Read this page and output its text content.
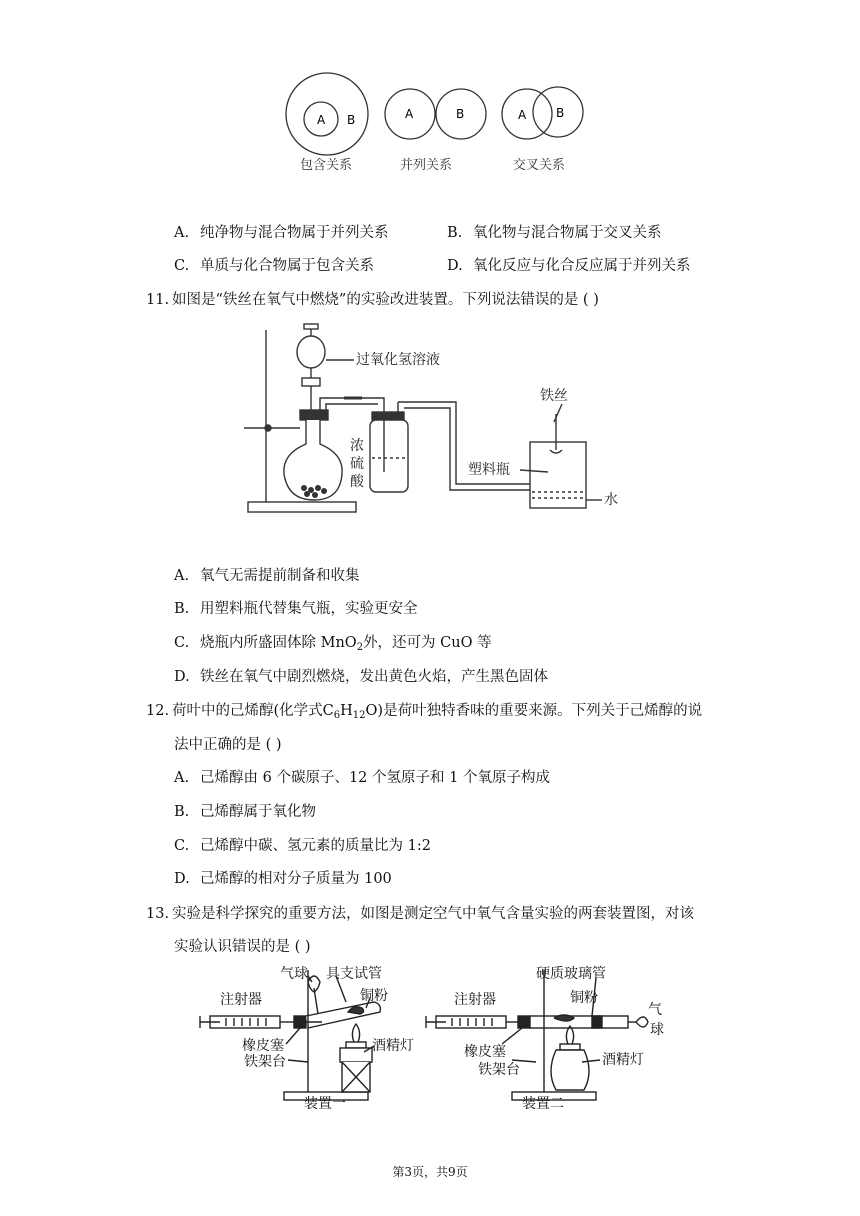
A B	A	B	A B
包含关系	并列关系	交叉关系
A. 纯净物与混合物属于并列关系	B. 氧化物与混合物属于交叉关系
C. 单质与化合物属于包含关系	D. 氧化反应与化合反应属于并列关系
11. 如图是“铁丝在氧气中燃烧”的实验改进装置。下列说法错误的是 ( )
过氧化氢溶液
浓
硫
酸
铁丝
塑料瓶
水
A. 氧气无需提前制备和收集
B. 用塑料瓶代替集气瓶，实验更安全
C. 烧瓶内所盛固体除 MnO$_2$外，还可为 CuO 等
D. 铁丝在氧气中剧烈燃烧，发出黄色火焰，产生黑色固体
12. 荷叶中的己烯醇(化学式$C_6H_{12}O$)是荷叶独特香味的重要来源。下列关于己烯醇的说
法中正确的是 ( )
A. 己烯醇由 6 个碳原子、12 个氢原子和 1 个氧原子构成
B. 己烯醇属于氧化物
C. 己烯醇中碳、氢元素的质量比为 1:2
D. 己烯醇的相对分子质量为 100
13. 实验是科学探究的重要方法，如图是测定空气中氧气含量实验的两套装置图，对该
实验认识错误的是 ( )
气球 具支试管
注射器	铜粉
橡皮塞	酒精灯
铁架台
装置一
硬质玻璃管
注射器	铜粉
气
球
橡皮塞	酒精灯
铁架台
装置二
第3页，共9页
